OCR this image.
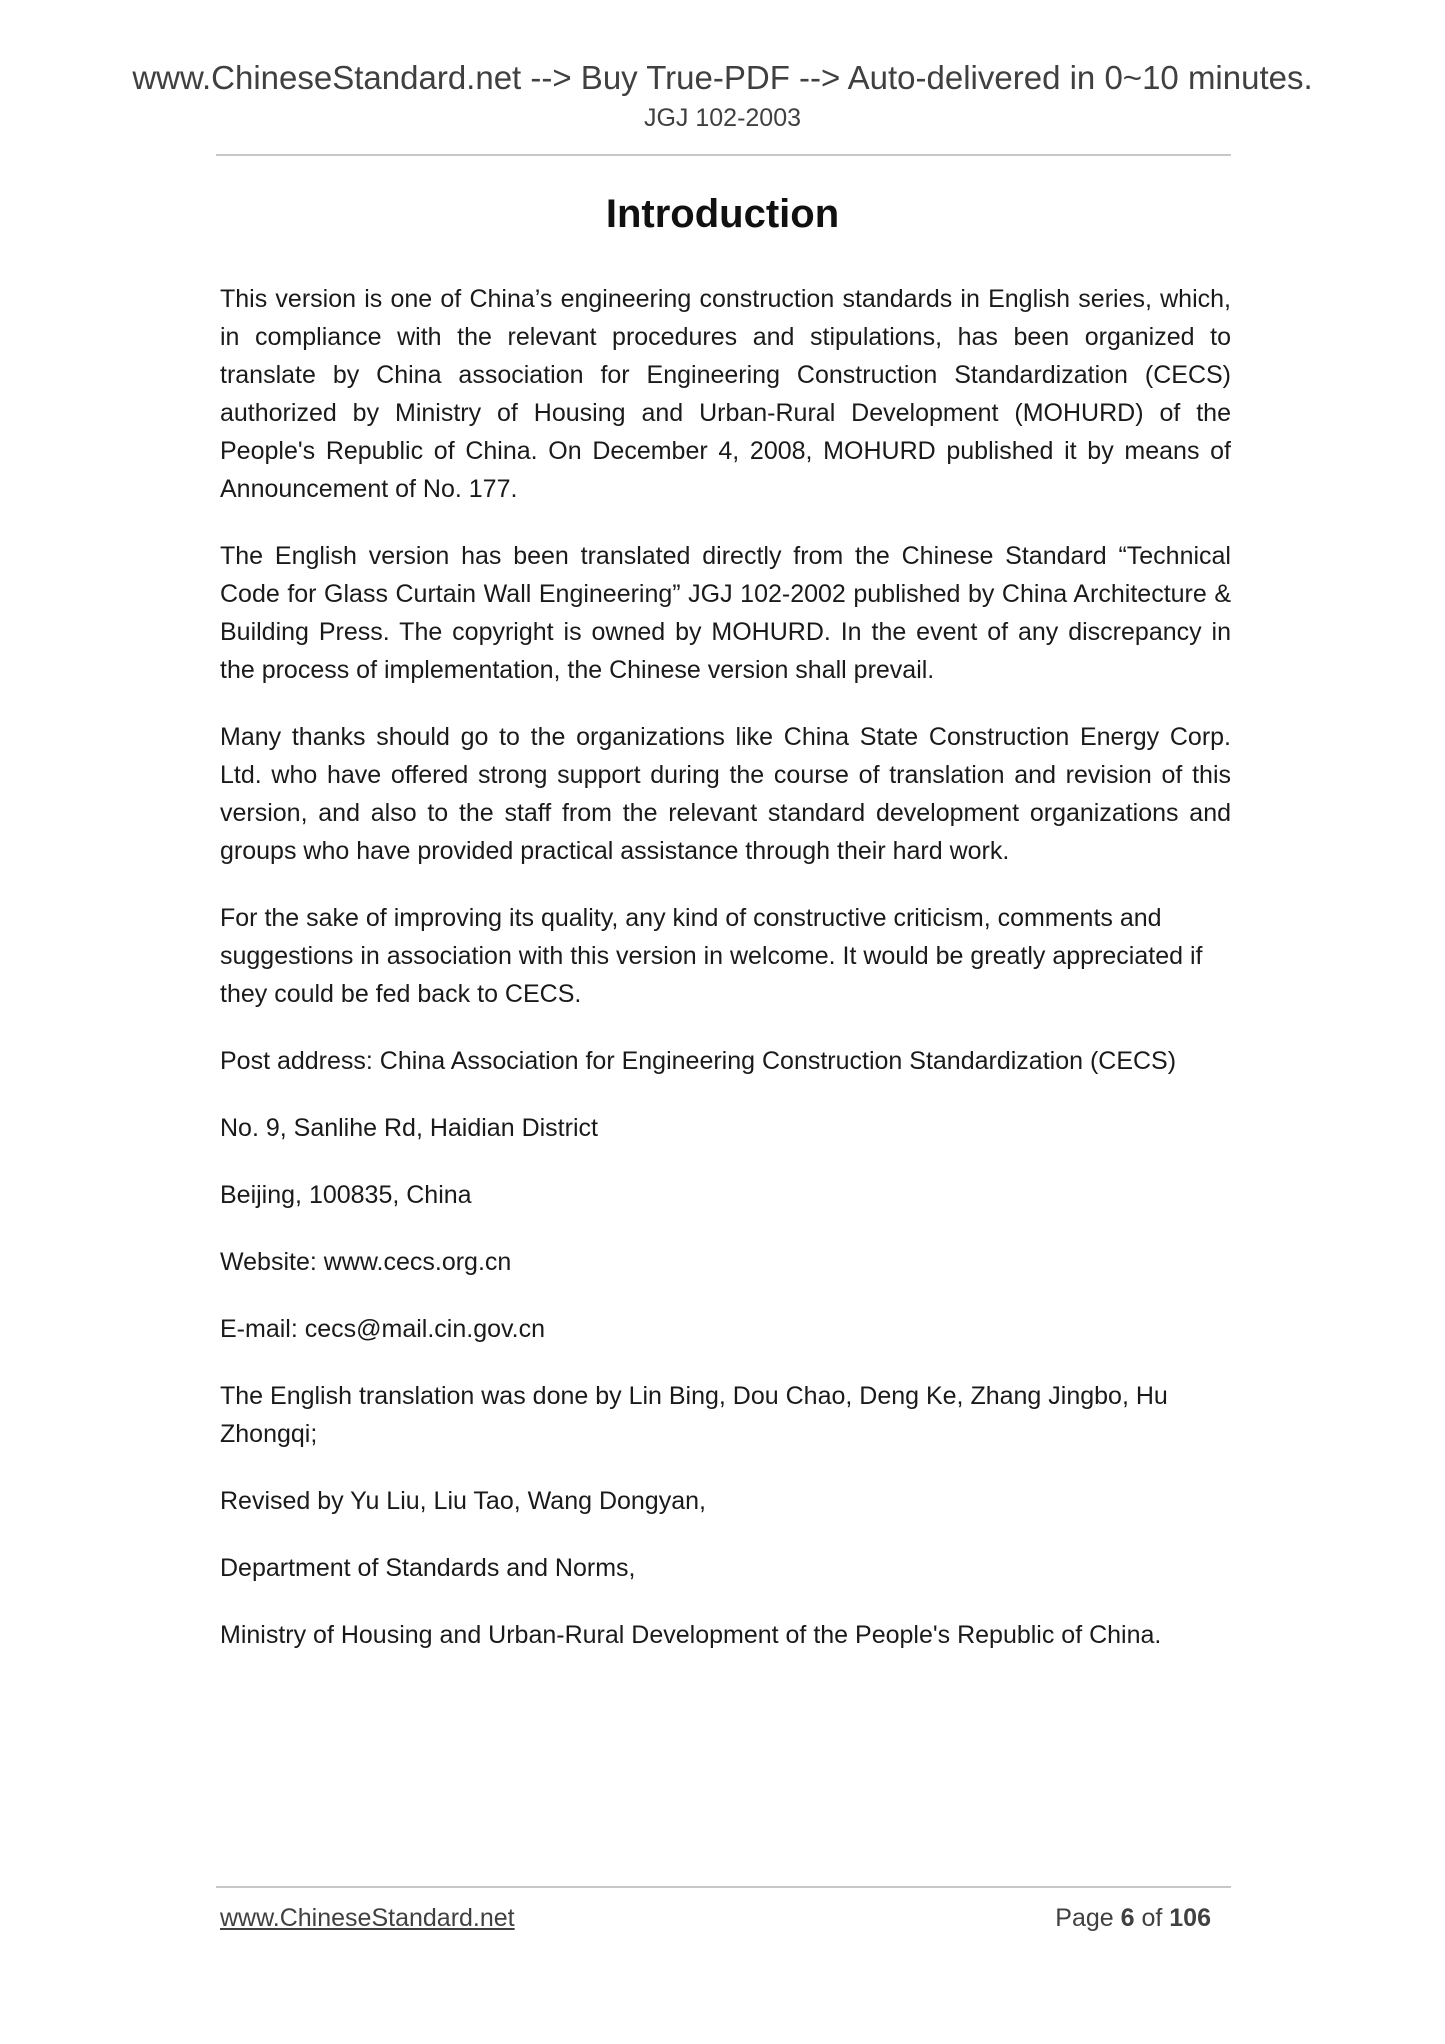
www.ChineseStandard.net --> Buy True-PDF --> Auto-delivered in 0~10 minutes.
JGJ 102-2003
Introduction

This version is one of China’s engineering construction standards in English series, which, in compliance with the relevant procedures and stipulations, has been organized to translate by China association for Engineering Construction Standardization (CECS) authorized by Ministry of Housing and Urban-Rural Development (MOHURD) of the People's Republic of China. On December 4, 2008, MOHURD published it by means of Announcement of No. 177.

The English version has been translated directly from the Chinese Standard “Technical Code for Glass Curtain Wall Engineering” JGJ 102-2002 published by China Architecture & Building Press. The copyright is owned by MOHURD. In the event of any discrepancy in the process of implementation, the Chinese version shall prevail.

Many thanks should go to the organizations like China State Construction Energy Corp. Ltd. who have offered strong support during the course of translation and revision of this version, and also to the staff from the relevant standard development organizations and groups who have provided practical assistance through their hard work.

For the sake of improving its quality, any kind of constructive criticism, comments and suggestions in association with this version in welcome. It would be greatly appreciated if they could be fed back to CECS.

Post address: China Association for Engineering Construction Standardization (CECS)

No. 9, Sanlihe Rd, Haidian District

Beijing, 100835, China

Website: www.cecs.org.cn

E-mail: cecs@mail.cin.gov.cn

The English translation was done by Lin Bing, Dou Chao, Deng Ke, Zhang Jingbo, Hu Zhongqi;

Revised by Yu Liu, Liu Tao, Wang Dongyan,

Department of Standards and Norms,

Ministry of Housing and Urban-Rural Development of the People's Republic of China.

www.ChineseStandard.net	Page 6 of 106
